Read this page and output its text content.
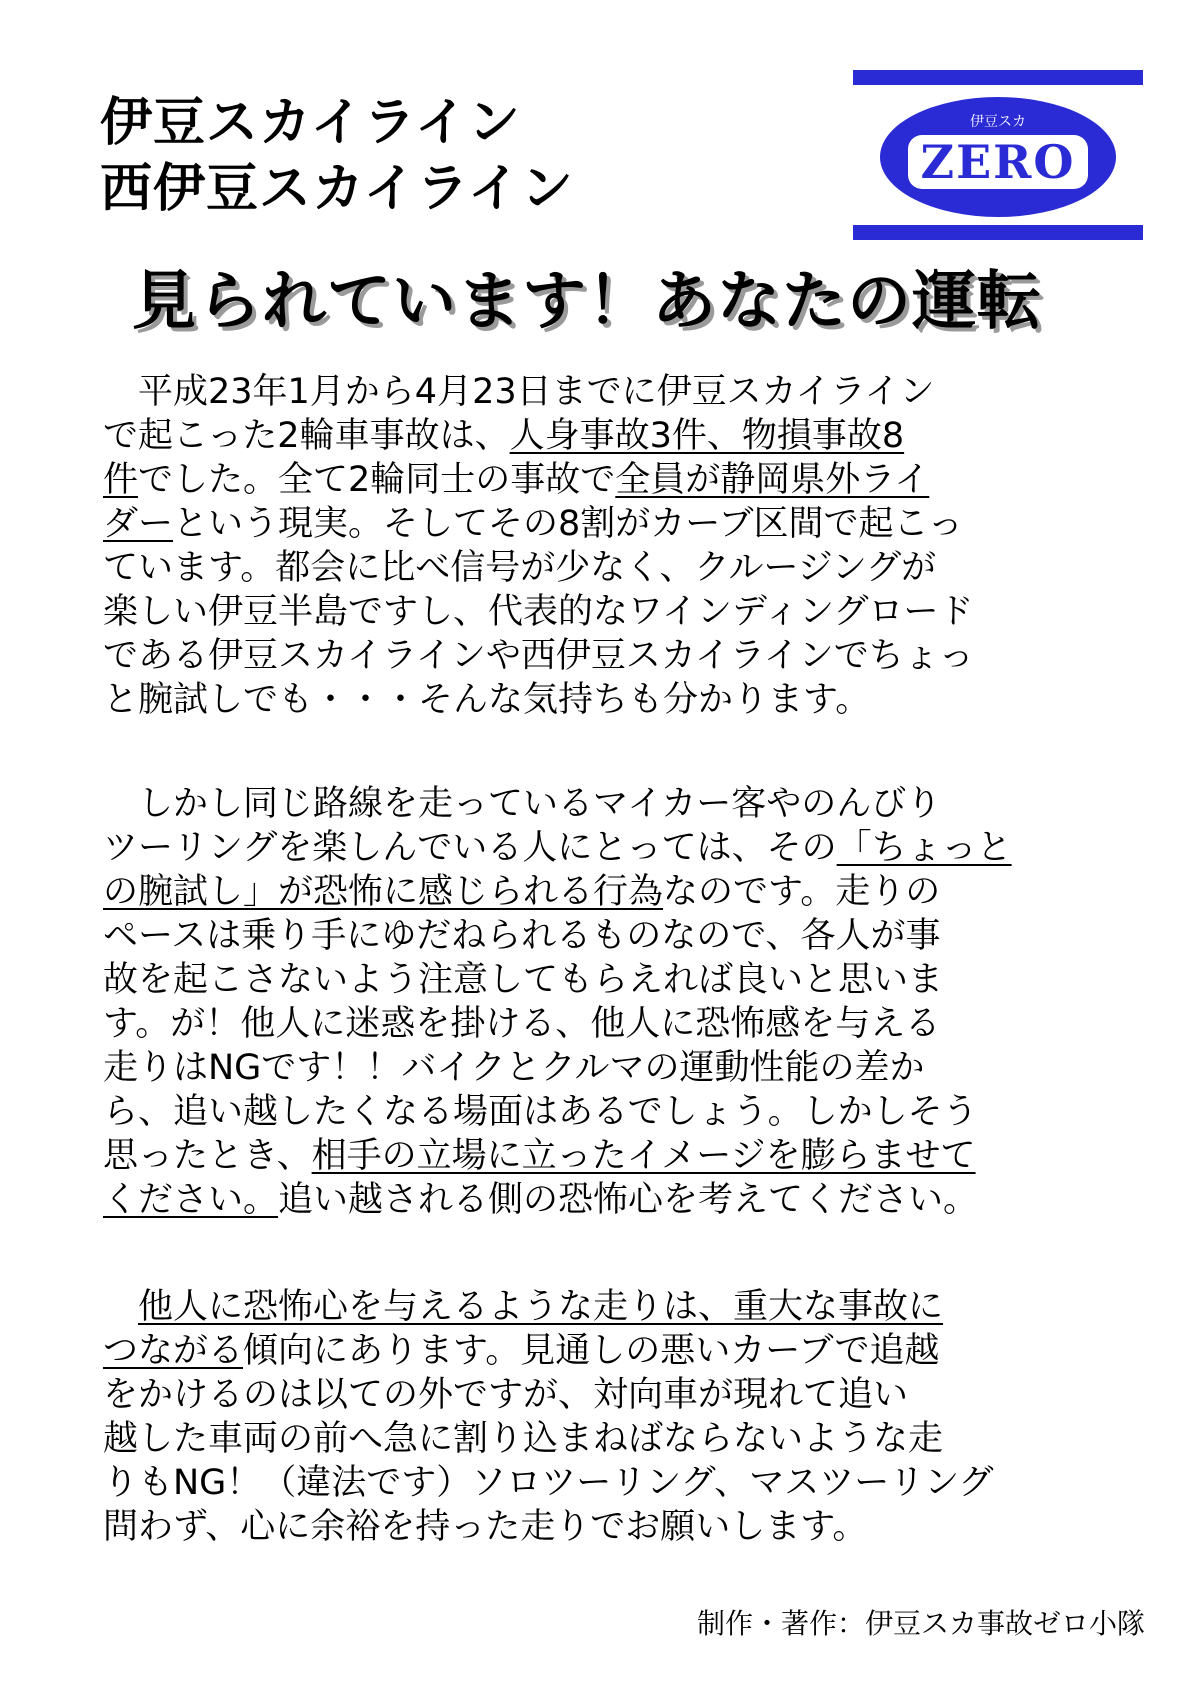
伊豆スカイライン
西伊豆スカイライン
伊豆スカ
ZERO
見られています！あなたの運転
　平成23年1月から4月23日までに伊豆スカイライン
で起こった2輪車事故は、人身事故3件、物損事故8
件でした。全て2輪同士の事故で全員が静岡県外ライ
ダーという現実。そしてその8割がカーブ区間で起こっ
ています。都会に比べ信号が少なく、クルージングが
楽しい伊豆半島ですし、代表的なワインディングロード
である伊豆スカイラインや西伊豆スカイラインでちょっ
と腕試しでも・・・そんな気持ちも分かります。
　しかし同じ路線を走っているマイカー客やのんびり
ツーリングを楽しんでいる人にとっては、その「ちょっと
の腕試し」が恐怖に感じられる行為なのです。走りの
ペースは乗り手にゆだねられるものなので、各人が事
故を起こさないよう注意してもらえれば良いと思いま
す。が！他人に迷惑を掛ける、他人に恐怖感を与える
走りはNGです！！バイクとクルマの運動性能の差か
ら、追い越したくなる場面はあるでしょう。しかしそう
思ったとき、相手の立場に立ったイメージを膨らませて
ください。追い越される側の恐怖心を考えてください。
　他人に恐怖心を与えるような走りは、重大な事故に
つながる傾向にあります。見通しの悪いカーブで追越
をかけるのは以ての外ですが、対向車が現れて追い
越した車両の前へ急に割り込まねばならないような走
りもNG！（違法です）ソロツーリング、マスツーリング
問わず、心に余裕を持った走りでお願いします。
制作・著作：伊豆スカ事故ゼロ小隊
